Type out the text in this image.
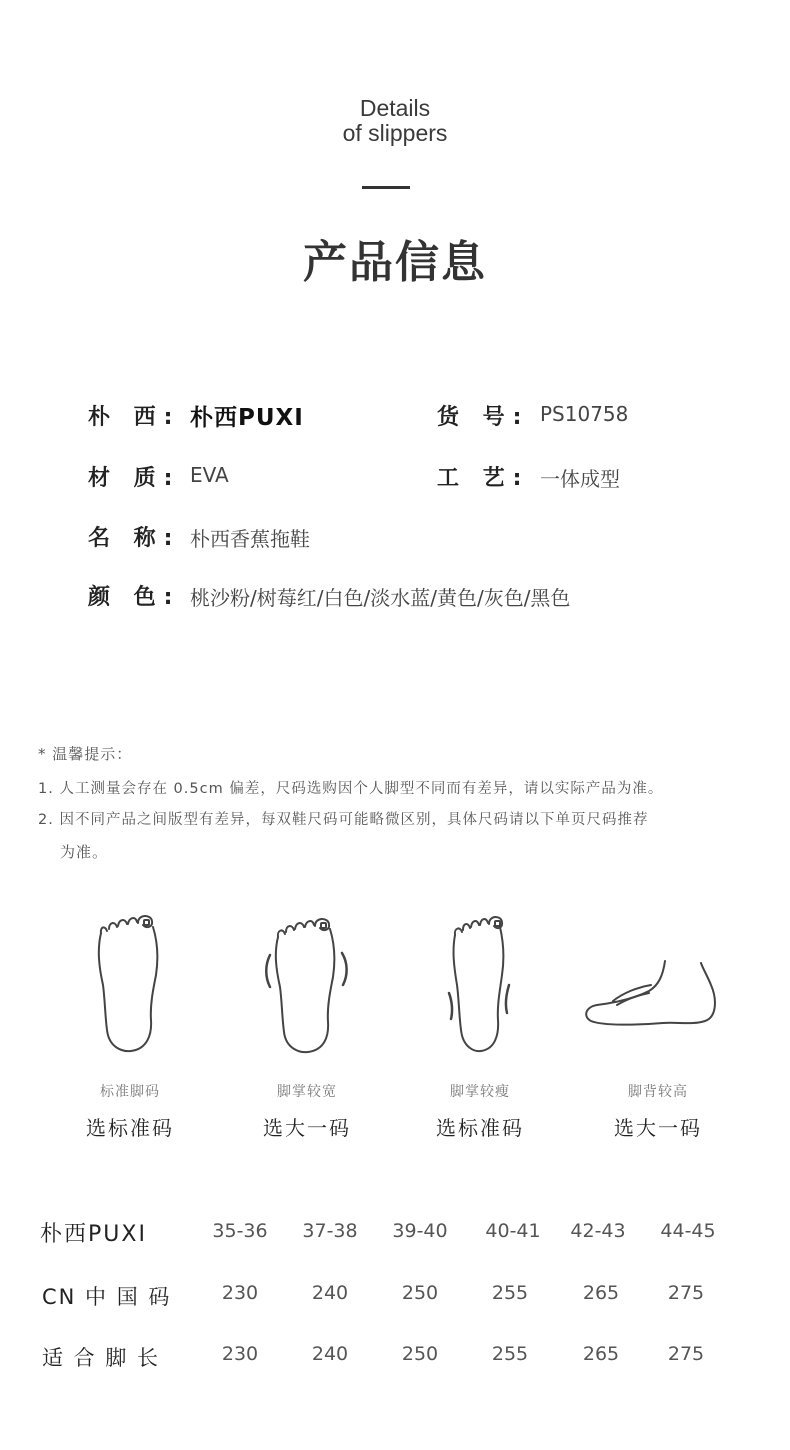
Details
of slippers
产品信息
朴 西: 朴西PUXI	货 号: PS10758
材 质: EVA	工 艺: 一体成型
名 称: 朴西香蕉拖鞋
颜 色: 桃沙粉/树莓红/白色/淡水蓝/黄色/灰色/黑色
* 温馨提示：
1. 人工测量会存在 0.5cm 偏差，尺码选购因个人脚型不同而有差异，请以实际产品为准。
2. 因不同产品之间版型有差异，每双鞋尺码可能略微区别，具体尺码请以下单页尺码推荐
为准。
标准脚码
选标准码
脚掌较宽
选大一码
脚掌较瘦
选标准码
脚背较高
选大一码
朴西PUXI	35-36	37-38	39-40	40-41	42-43	44-45
CN 中 国 码	230	240	250	255	265	275
适 合 脚 长	230	240	250	255	265	275
